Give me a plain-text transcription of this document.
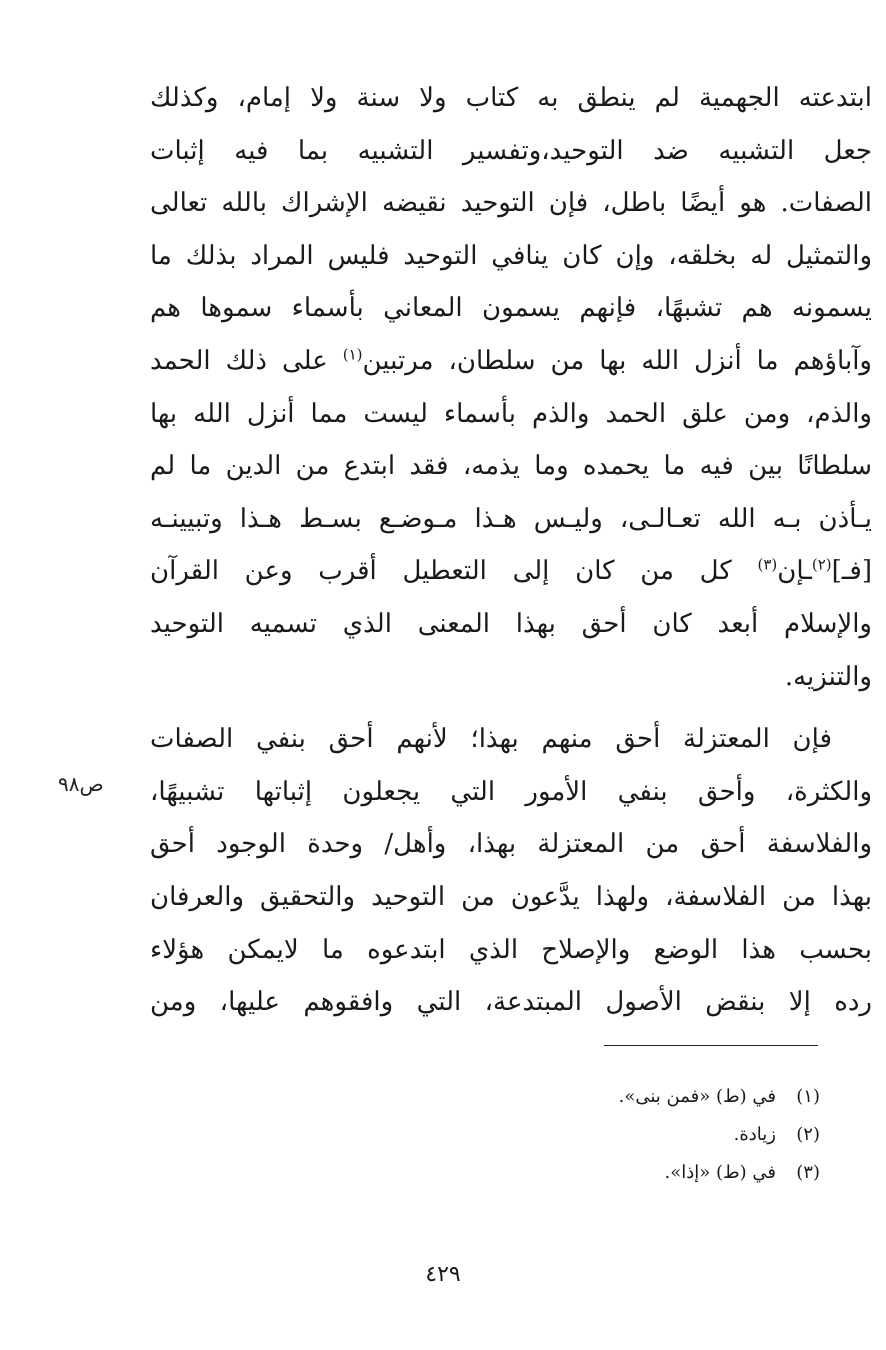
ابتدعته الجهمية لم ينطق به كتاب ولا سنة ولا إمام، وكذلك
جعل التشبيه ضد التوحيد،وتفسير التشبيه بما فيه إثبات
الصفات. هو أيضًا باطل، فإن التوحيد نقيضه الإشراك بالله تعالى
والتمثيل له بخلقه، وإن كان ينافي التوحيد فليس المراد بذلك ما
يسمونه هم تشبهًا، فإنهم يسمون المعاني بأسماء سموها هم
وآباؤهم ما أنزل الله بها من سلطان، مرتبين$^{(١)}$ على ذلك الحمد
والذم، ومن علق الحمد والذم بأسماء ليست مما أنزل الله بها
سلطانًا بين فيه ما يحمده وما يذمه، فقد ابتدع من الدين ما لم
يـأذن بـه الله تعـالـى، وليـس هـذا مـوضـع بسـط هـذا وتبيينـه
[فـ]$^{(٢)}$ـإن$^{(٣)}$ كل من كان إلى التعطيل أقرب وعن القرآن
والإسلام أبعد كان أحق بهذا المعنى الذي تسميه التوحيد
والتنزيه.
فإن المعتزلة أحق منهم بهذا؛ لأنهم أحق بنفي الصفات
والكثرة، وأحق بنفي الأمور التي يجعلون إثباتها تشبيهًا،
والفلاسفة أحق من المعتزلة بهذا، وأهل/ وحدة الوجود أحق
بهذا من الفلاسفة، ولهذا يدَّعون من التوحيد والتحقيق والعرفان
بحسب هذا الوضع والإصلاح الذي ابتدعوه ما لايمكن هؤلاء
رده إلا بنقض الأصول المبتدعة، التي وافقوهم عليها، ومن
ص٩٨
(١)في (ط) «فمن بنى».
(٢)زيادة.
(٣)في (ط) «إذا».
٤٢٩
